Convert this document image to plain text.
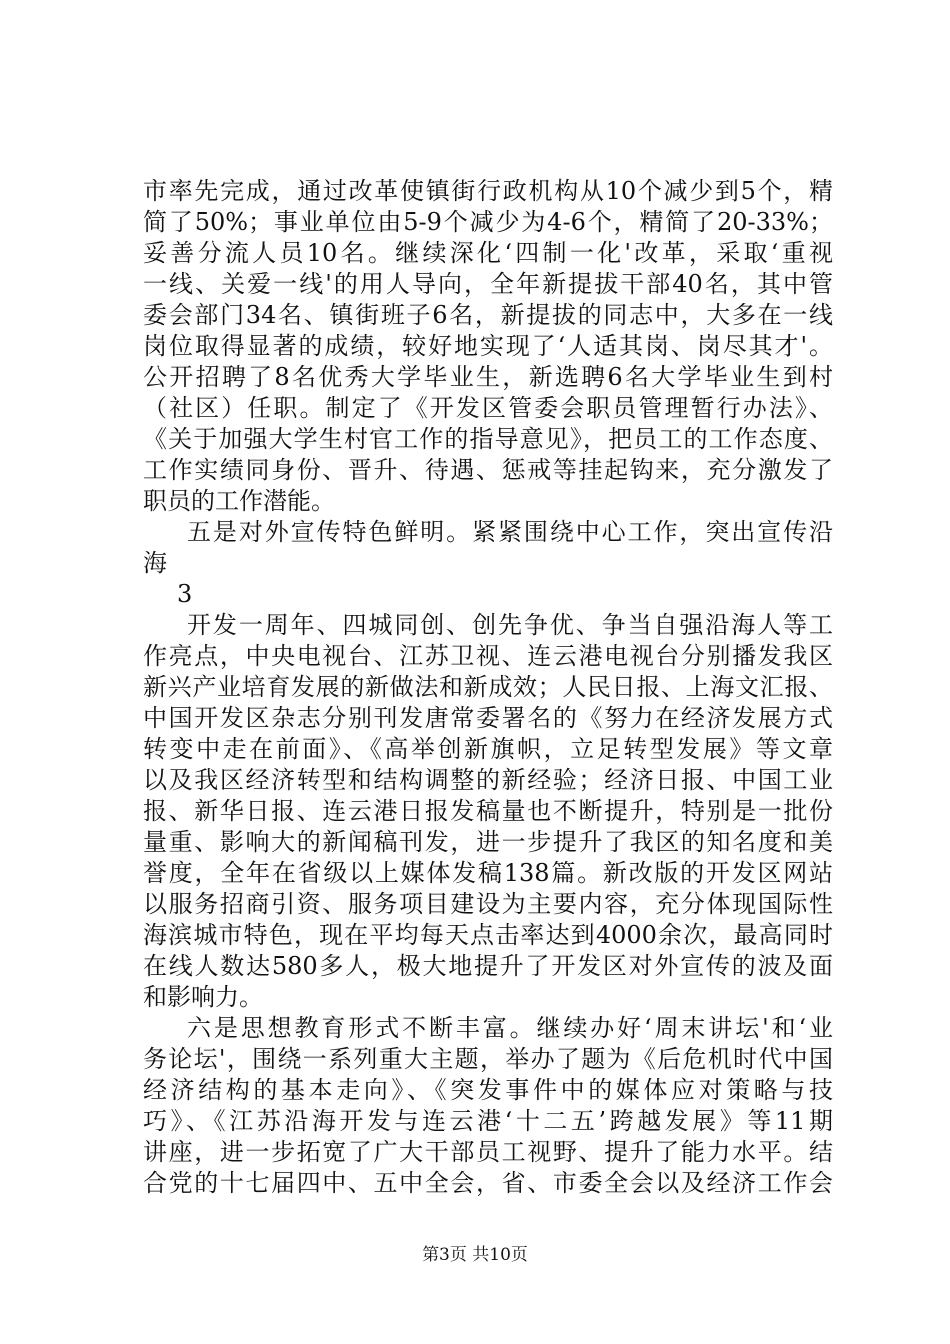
市率先完成，通过改革使镇街行政机构从10个减少到5个，精
简了50%；事业单位由5-9个减少为4-6个，精简了20-33%；
妥善分流人员10名。继续深化‘四制一化'改革，采取‘重视
一线、关爱一线'的用人导向，全年新提拔干部40名，其中管
委会部门34名、镇街班子6名，新提拔的同志中，大多在一线
岗位取得显著的成绩，较好地实现了‘人适其岗、岗尽其才'。
公开招聘了8名优秀大学毕业生，新选聘6名大学毕业生到村
（社区）任职。制定了《开发区管委会职员管理暂行办法》、
《关于加强大学生村官工作的指导意见》，把员工的工作态度、
工作实绩同身份、晋升、待遇、惩戒等挂起钩来，充分激发了
职员的工作潜能。
五是对外宣传特色鲜明。紧紧围绕中心工作，突出宣传沿
海
3
开发一周年、四城同创、创先争优、争当自强沿海人等工
作亮点，中央电视台、江苏卫视、连云港电视台分别播发我区
新兴产业培育发展的新做法和新成效；人民日报、上海文汇报、
中国开发区杂志分别刊发唐常委署名的《努力在经济发展方式
转变中走在前面》、《高举创新旗帜，立足转型发展》等文章
以及我区经济转型和结构调整的新经验；经济日报、中国工业
报、新华日报、连云港日报发稿量也不断提升，特别是一批份
量重、影响大的新闻稿刊发，进一步提升了我区的知名度和美
誉度，全年在省级以上媒体发稿138篇。新改版的开发区网站
以服务招商引资、服务项目建设为主要内容，充分体现国际性
海滨城市特色，现在平均每天点击率达到4000余次，最高同时
在线人数达580多人，极大地提升了开发区对外宣传的波及面
和影响力。
六是思想教育形式不断丰富。继续办好‘周末讲坛'和‘业
务论坛'，围绕一系列重大主题，举办了题为《后危机时代中国
经济结构的基本走向》、《突发事件中的媒体应对策略与技
巧》、《江苏沿海开发与连云港‘十二五’跨越发展》等11期
讲座，进一步拓宽了广大干部员工视野、提升了能力水平。结
合党的十七届四中、五中全会，省、市委全会以及经济工作会
第3页 共10页
